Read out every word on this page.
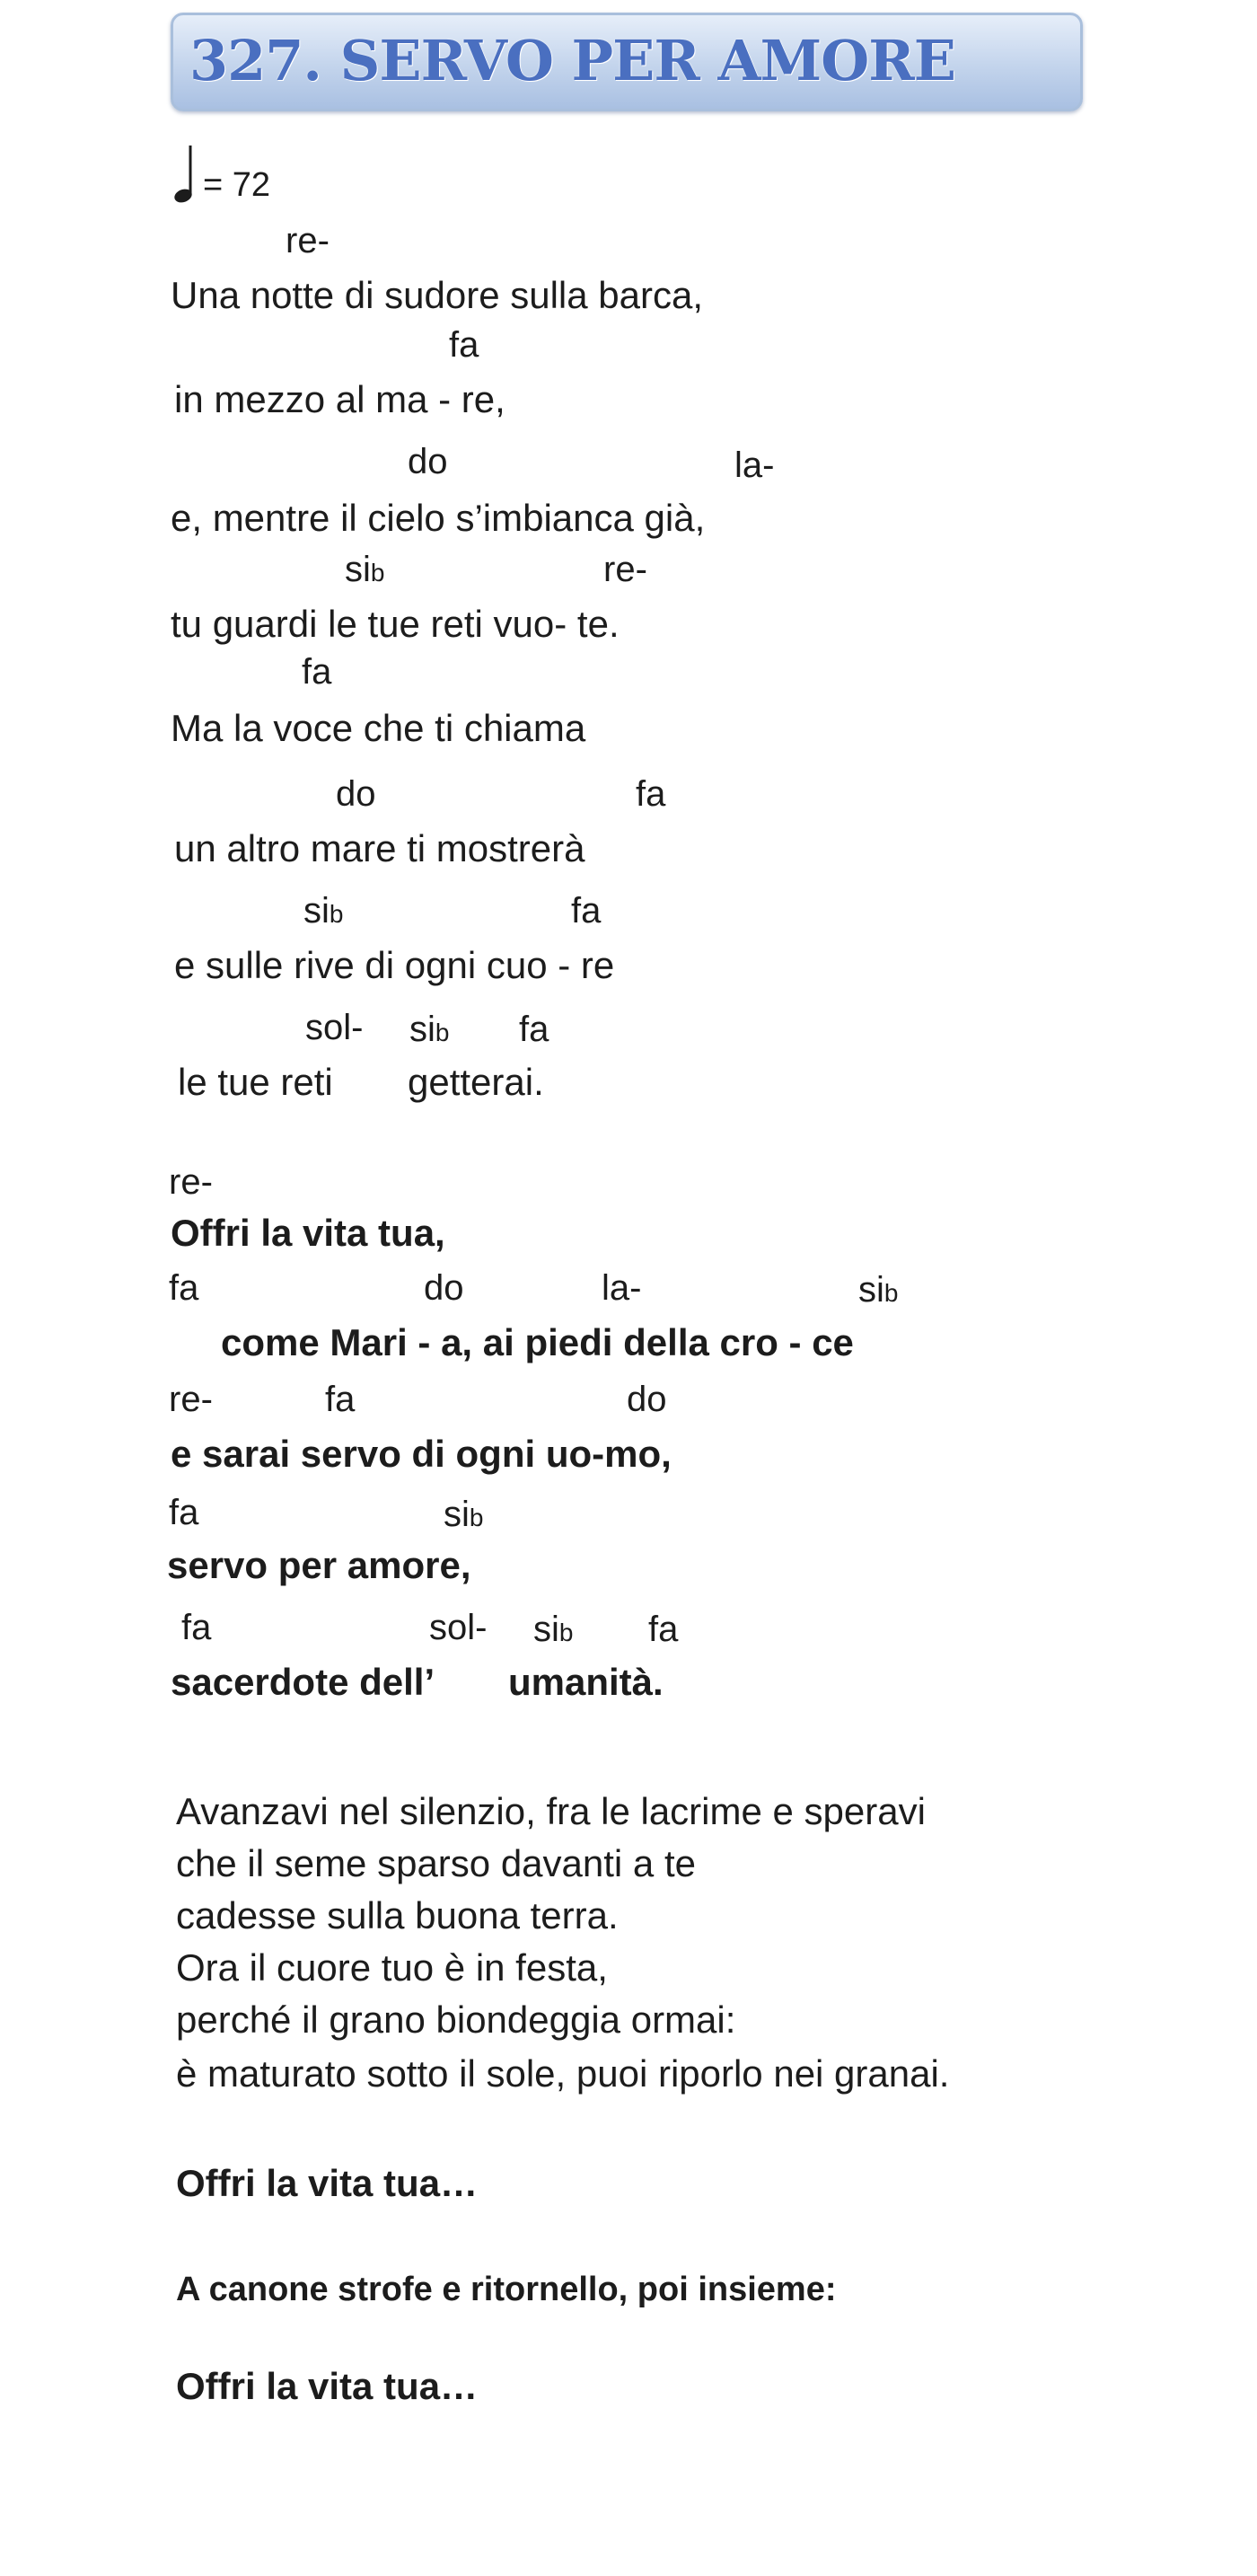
327. SERVO PER AMORE
= 72
re-
Una notte di sudore sulla barca,
fa
in mezzo al ma - re,
do	la-
e, mentre il cielo s’imbianca già,
sib	re-
tu guardi le tue reti vuo- te.
fa
Ma la voce che ti chiama
do	fa
un altro mare ti mostrerà
sib	fa
e sulle rive di ogni cuo - re
sol- sib fa
le tue reti getterai.
re-
Offri la vita tua,
fa	do	la-	sib
come Mari - a, ai piedi della cro - ce
re-	fa	do
e sarai servo di ogni uo-mo,
fa	sib
servo per amore,
fa	sol- sib fa
sacerdote dell’ umanità.
Avanzavi nel silenzio, fra le lacrime e speravi
che il seme sparso davanti a te
cadesse sulla buona terra.
Ora il cuore tuo è in festa,
perché il grano biondeggia ormai:
è maturato sotto il sole, puoi riporlo nei granai.
Offri la vita tua…
A canone strofe e ritornello, poi insieme:
Offri la vita tua…
